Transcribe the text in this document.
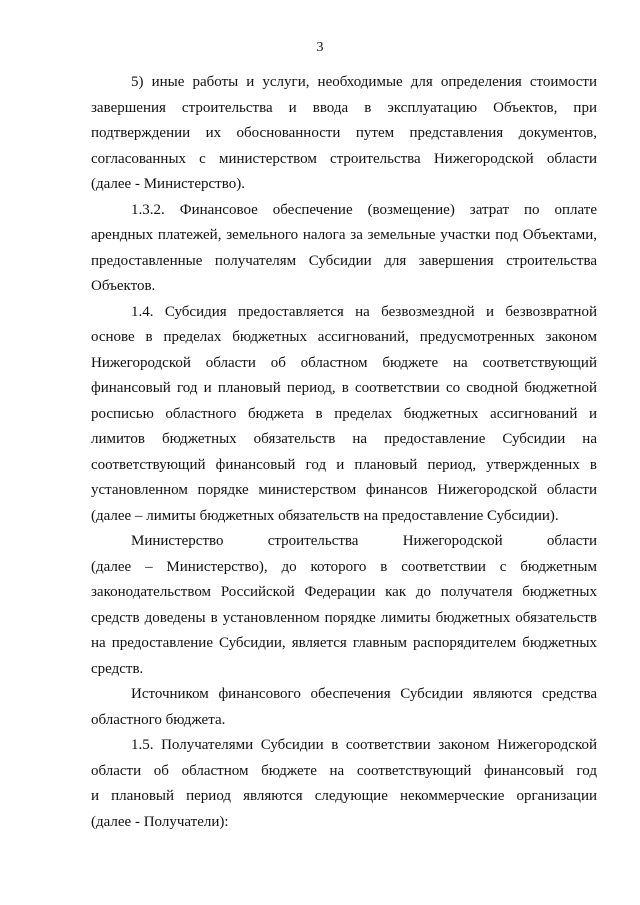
3

5) иные работы и услуги, необходимые для определения стоимости
завершения строительства и ввода в эксплуатацию Объектов, при
подтверждении их обоснованности путем представления документов,
согласованных с министерством строительства Нижегородской области
(далее - Министерство).

1.3.2. Финансовое обеспечение (возмещение) затрат по оплате
арендных платежей, земельного налога за земельные участки под Объектами,
предоставленные получателям Субсидии для завершения строительства
Объектов.

1.4. Субсидия предоставляется на безвозмездной и безвозвратной
основе в пределах бюджетных ассигнований, предусмотренных законом
Нижегородской области об областном бюджете на соответствующий
финансовый год и плановый период, в соответствии со сводной бюджетной
росписью областного бюджета в пределах бюджетных ассигнований и
лимитов бюджетных обязательств на предоставление Субсидии на
соответствующий финансовый год и плановый период, утвержденных в
установленном порядке министерством финансов Нижегородской области
(далее – лимиты бюджетных обязательств на предоставление Субсидии).

Министерство строительства Нижегородской области
(далее – Министерство), до которого в соответствии с бюджетным
законодательством Российской Федерации как до получателя бюджетных
средств доведены в установленном порядке лимиты бюджетных обязательств
на предоставление Субсидии, является главным распорядителем бюджетных
средств.

Источником финансового обеспечения Субсидии являются средства
областного бюджета.

1.5. Получателями Субсидии в соответствии законом Нижегородской
области об областном бюджете на соответствующий финансовый год
и плановый период являются следующие некоммерческие организации
(далее - Получатели):
